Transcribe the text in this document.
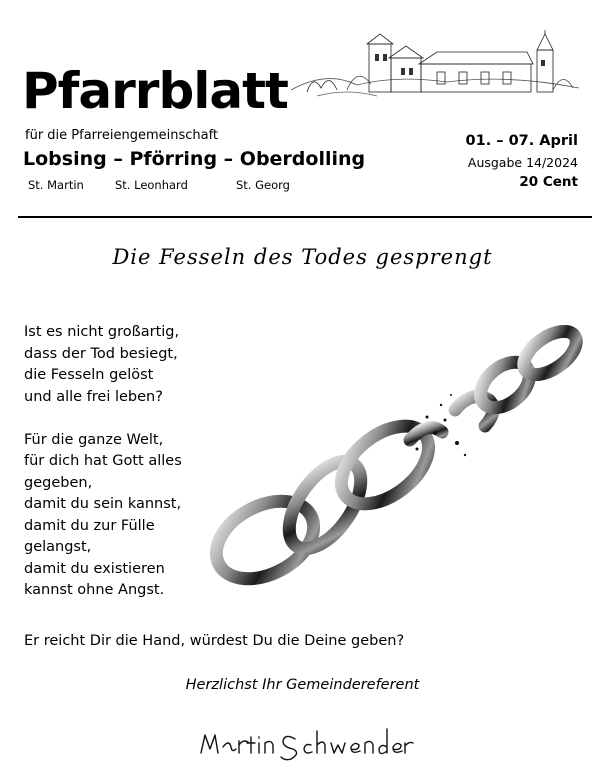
Pfarrblatt
für die Pfarreiengemeinschaft
Lobsing – Pförring – Oberdolling
St. Martin	St. Leonhard	St. Georg
01. – 07. April
Ausgabe 14/2024
20 Cent
Die Fesseln des Todes gesprengt
Ist es nicht großartig,
dass der Tod besiegt,
die Fesseln gelöst
und alle frei leben?
Für die ganze Welt,
für dich hat Gott alles
gegeben,
damit du sein kannst,
damit du zur Fülle
gelangst,
damit du existieren
kannst ohne Angst.
Er reicht Dir die Hand, würdest Du die Deine geben?
Herzlichst Ihr Gemeindereferent
